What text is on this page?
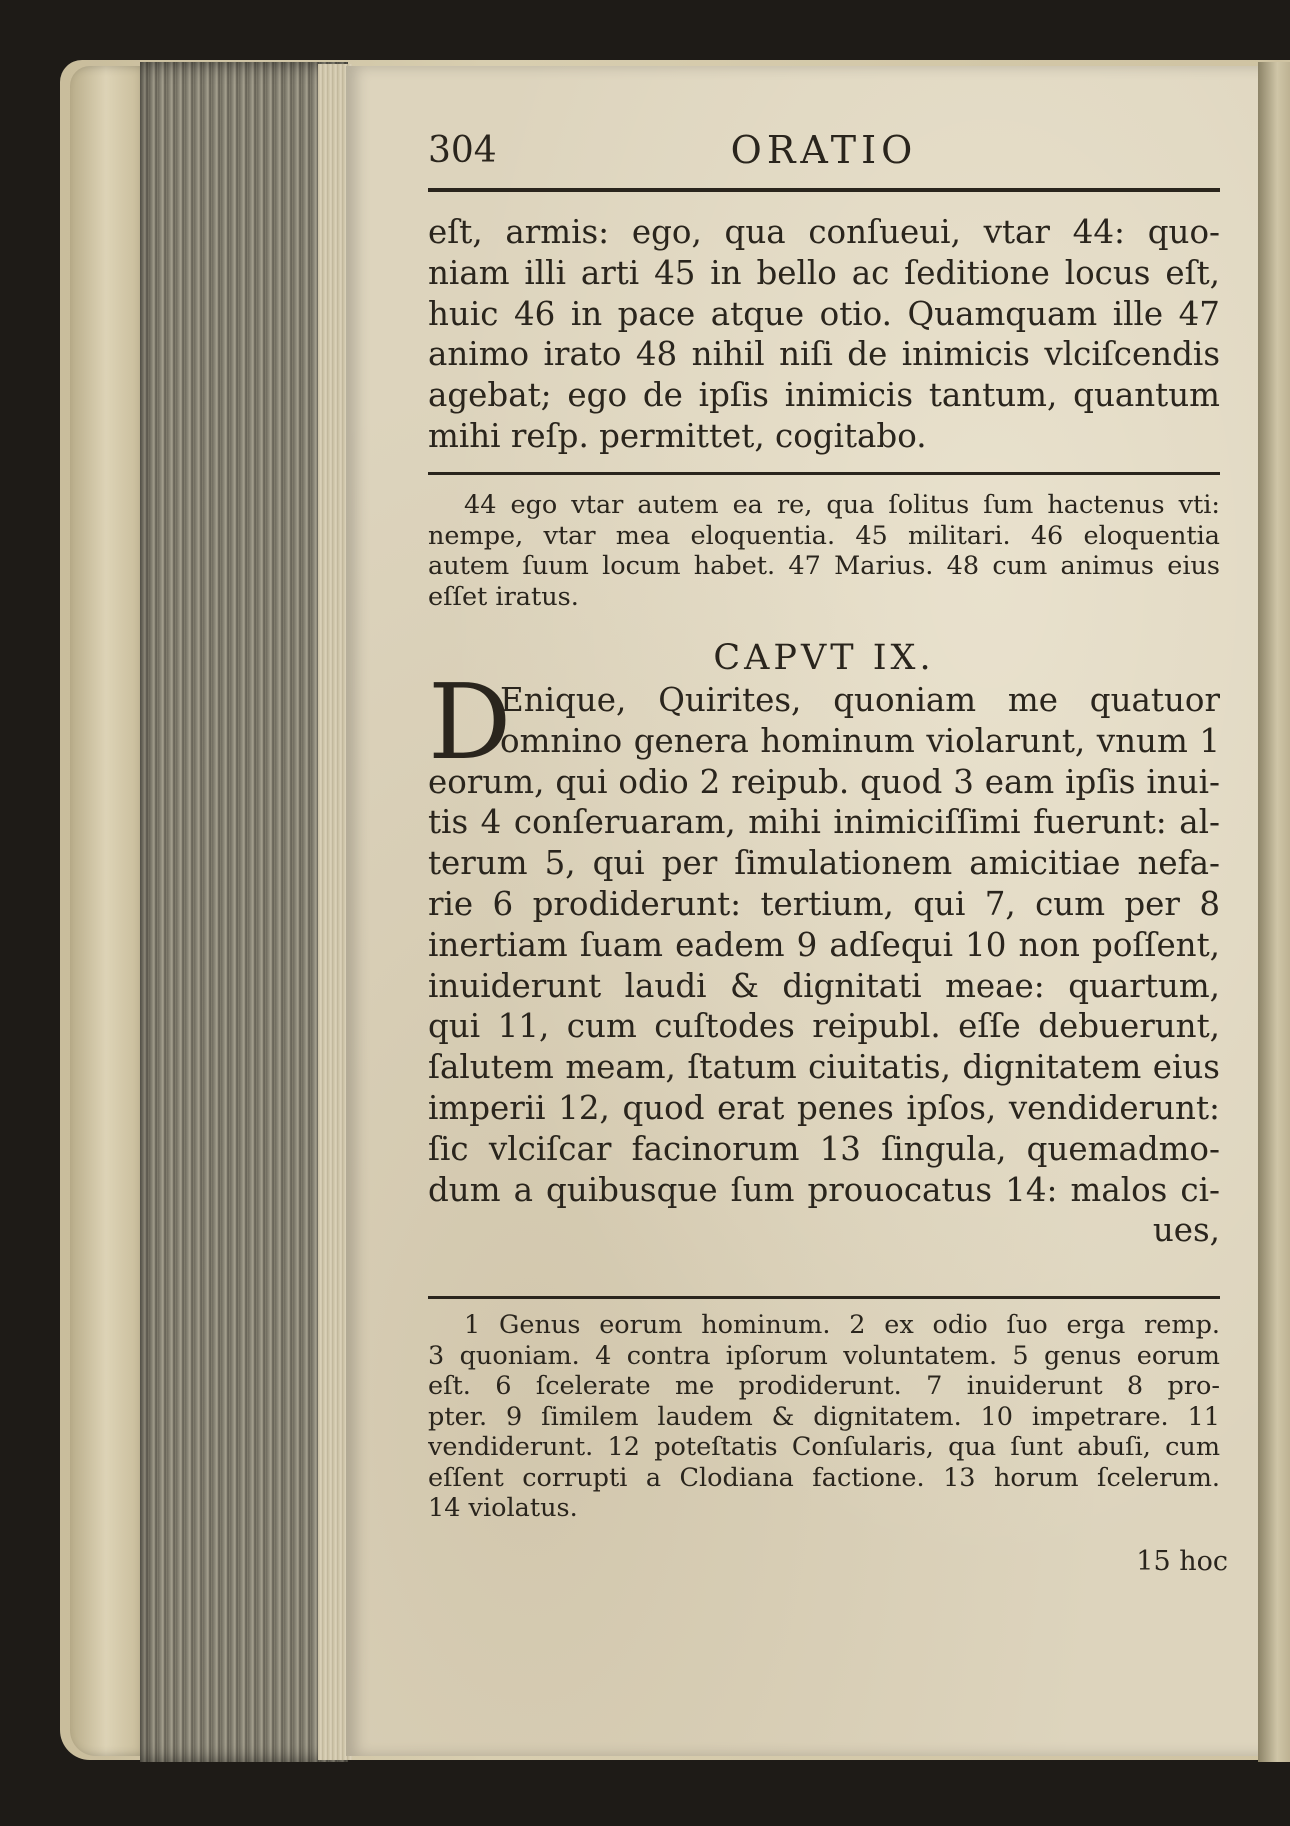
304	ORATIO
eſt, armis: ego, qua conſueui, vtar 44: quo-
niam illi arti 45 in bello ac ſeditione locus eſt,
huic 46 in pace atque otio. Quamquam ille 47
animo irato 48 nihil niſi de inimicis vlciſcendis
agebat; ego de ipſis inimicis tantum, quantum
mihi reſp. permittet, cogitabo.
44 ego vtar autem ea re, qua ſolitus ſum hactenus vti:
nempe, vtar mea eloquentia. 45 militari. 46 eloquentia
autem ſuum locum habet. 47 Marius. 48 cum animus eius
eſſet iratus.
CAPVT IX.
D
Enique, Quirites, quoniam me quatuor
omnino genera hominum violarunt, vnum 1
eorum, qui odio 2 reipub. quod 3 eam ipſis inui-
tis 4 conſeruaram, mihi inimiciſſimi fuerunt: al-
terum 5, qui per ſimulationem amicitiae nefa-
rie 6 prodiderunt: tertium, qui 7, cum per 8
inertiam ſuam eadem 9 adſequi 10 non poſſent,
inuiderunt laudi & dignitati meae: quartum,
qui 11, cum cuſtodes reipubl. eſſe debuerunt,
ſalutem meam, ſtatum ciuitatis, dignitatem eius
imperii 12, quod erat penes ipſos, vendiderunt:
ſic vlciſcar facinorum 13 ſingula, quemadmo-
dum a quibusque ſum prouocatus 14: malos ci-
ues,
1 Genus eorum hominum. 2 ex odio ſuo erga remp.
3 quoniam. 4 contra ipſorum voluntatem. 5 genus eorum
eſt. 6 ſcelerate me prodiderunt. 7 inuiderunt 8 pro-
pter. 9 ſimilem laudem & dignitatem. 10 impetrare. 11
vendiderunt. 12 poteſtatis Conſularis, qua ſunt abuſi, cum
eſſent corrupti a Clodiana factione. 13 horum ſcelerum.
14 violatus.
15 hoc
